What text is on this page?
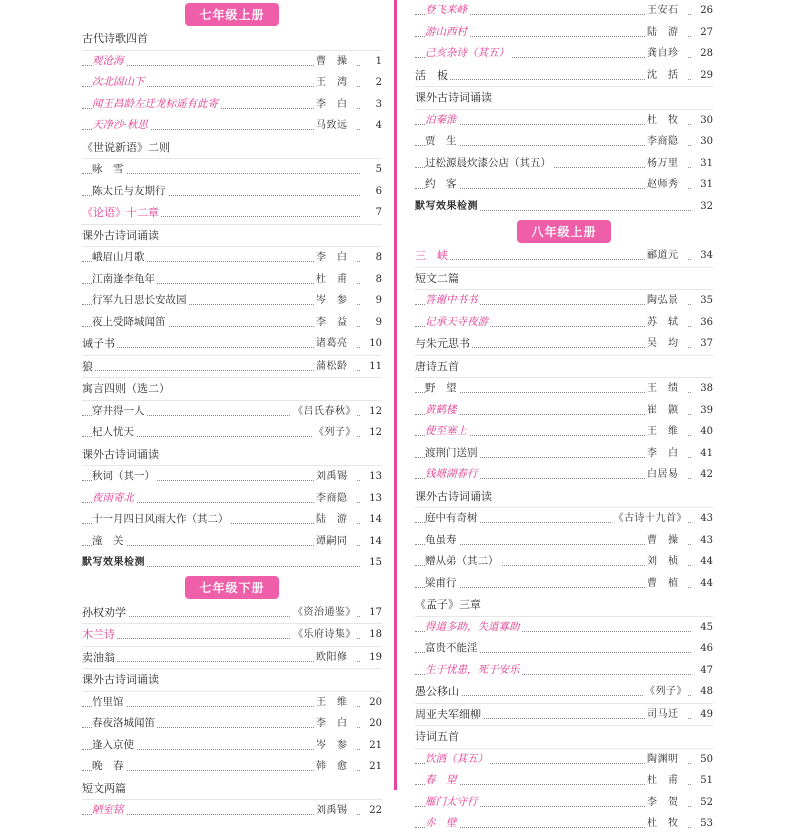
七年级上册
古代诗歌四首
观沧海	曹　操	1
次北固山下	王　湾	2
闻王昌龄左迁龙标遥有此寄	李　白	3
天净沙·秋思	马致远	4
《世说新语》二则
咏　雪	5
陈太丘与友期行	6
《论语》十二章	7
课外古诗词诵读
峨眉山月歌	李　白	8
江南逢李龟年	杜　甫	8
行军九日思长安故园	岑　参	9
夜上受降城闻笛	李　益	9
诫子书	诸葛亮	10
狼	蒲松龄	11
寓言四则（选二）
穿井得一人	《吕氏春秋》	12
杞人忧天	《列子》	12
课外古诗词诵读
秋词（其一）	刘禹锡	13
夜雨寄北	李商隐	13
十一月四日风雨大作（其二）	陆　游	14
潼　关	谭嗣同	14
默写效果检测	15
七年级下册
孙权劝学	《资治通鉴》	17
木兰诗	《乐府诗集》	18
卖油翁	欧阳修	19
课外古诗词诵读
竹里馆	王　维	20
春夜洛城闻笛	李　白	20
逢入京使	岑　参	21
晚　春	韩　愈	21
短文两篇
陋室铭	刘禹锡	22
登飞来峰	王安石	26
游山西村	陆　游	27
己亥杂诗（其五）	龚自珍	28
活　板	沈　括	29
课外古诗词诵读
泊秦淮	杜　牧	30
贾　生	李商隐	30
过松源晨炊漆公店（其五）	杨万里	31
约　客	赵师秀	31
默写效果检测	32
八年级上册
三　峡	郦道元	34
短文二篇
答谢中书书	陶弘景	35
记承天寺夜游	苏　轼	36
与朱元思书	吴　均	37
唐诗五首
野　望	王　绩	38
黄鹤楼	崔　颢	39
使至塞上	王　维	40
渡荆门送别	李　白	41
钱塘湖春行	白居易	42
课外古诗词诵读
庭中有奇树	《古诗十九首》	43
龟虽寿	曹　操	43
赠从弟（其二）	刘　桢	44
梁甫行	曹　植	44
《孟子》三章
得道多助，失道寡助	45
富贵不能淫	46
生于忧患，死于安乐	47
愚公移山	《列子》	48
周亚夫军细柳	司马迁	49
诗词五首
饮酒（其五）	陶渊明	50
春　望	杜　甫	51
雁门太守行	李　贺	52
赤　壁	杜　牧	53
